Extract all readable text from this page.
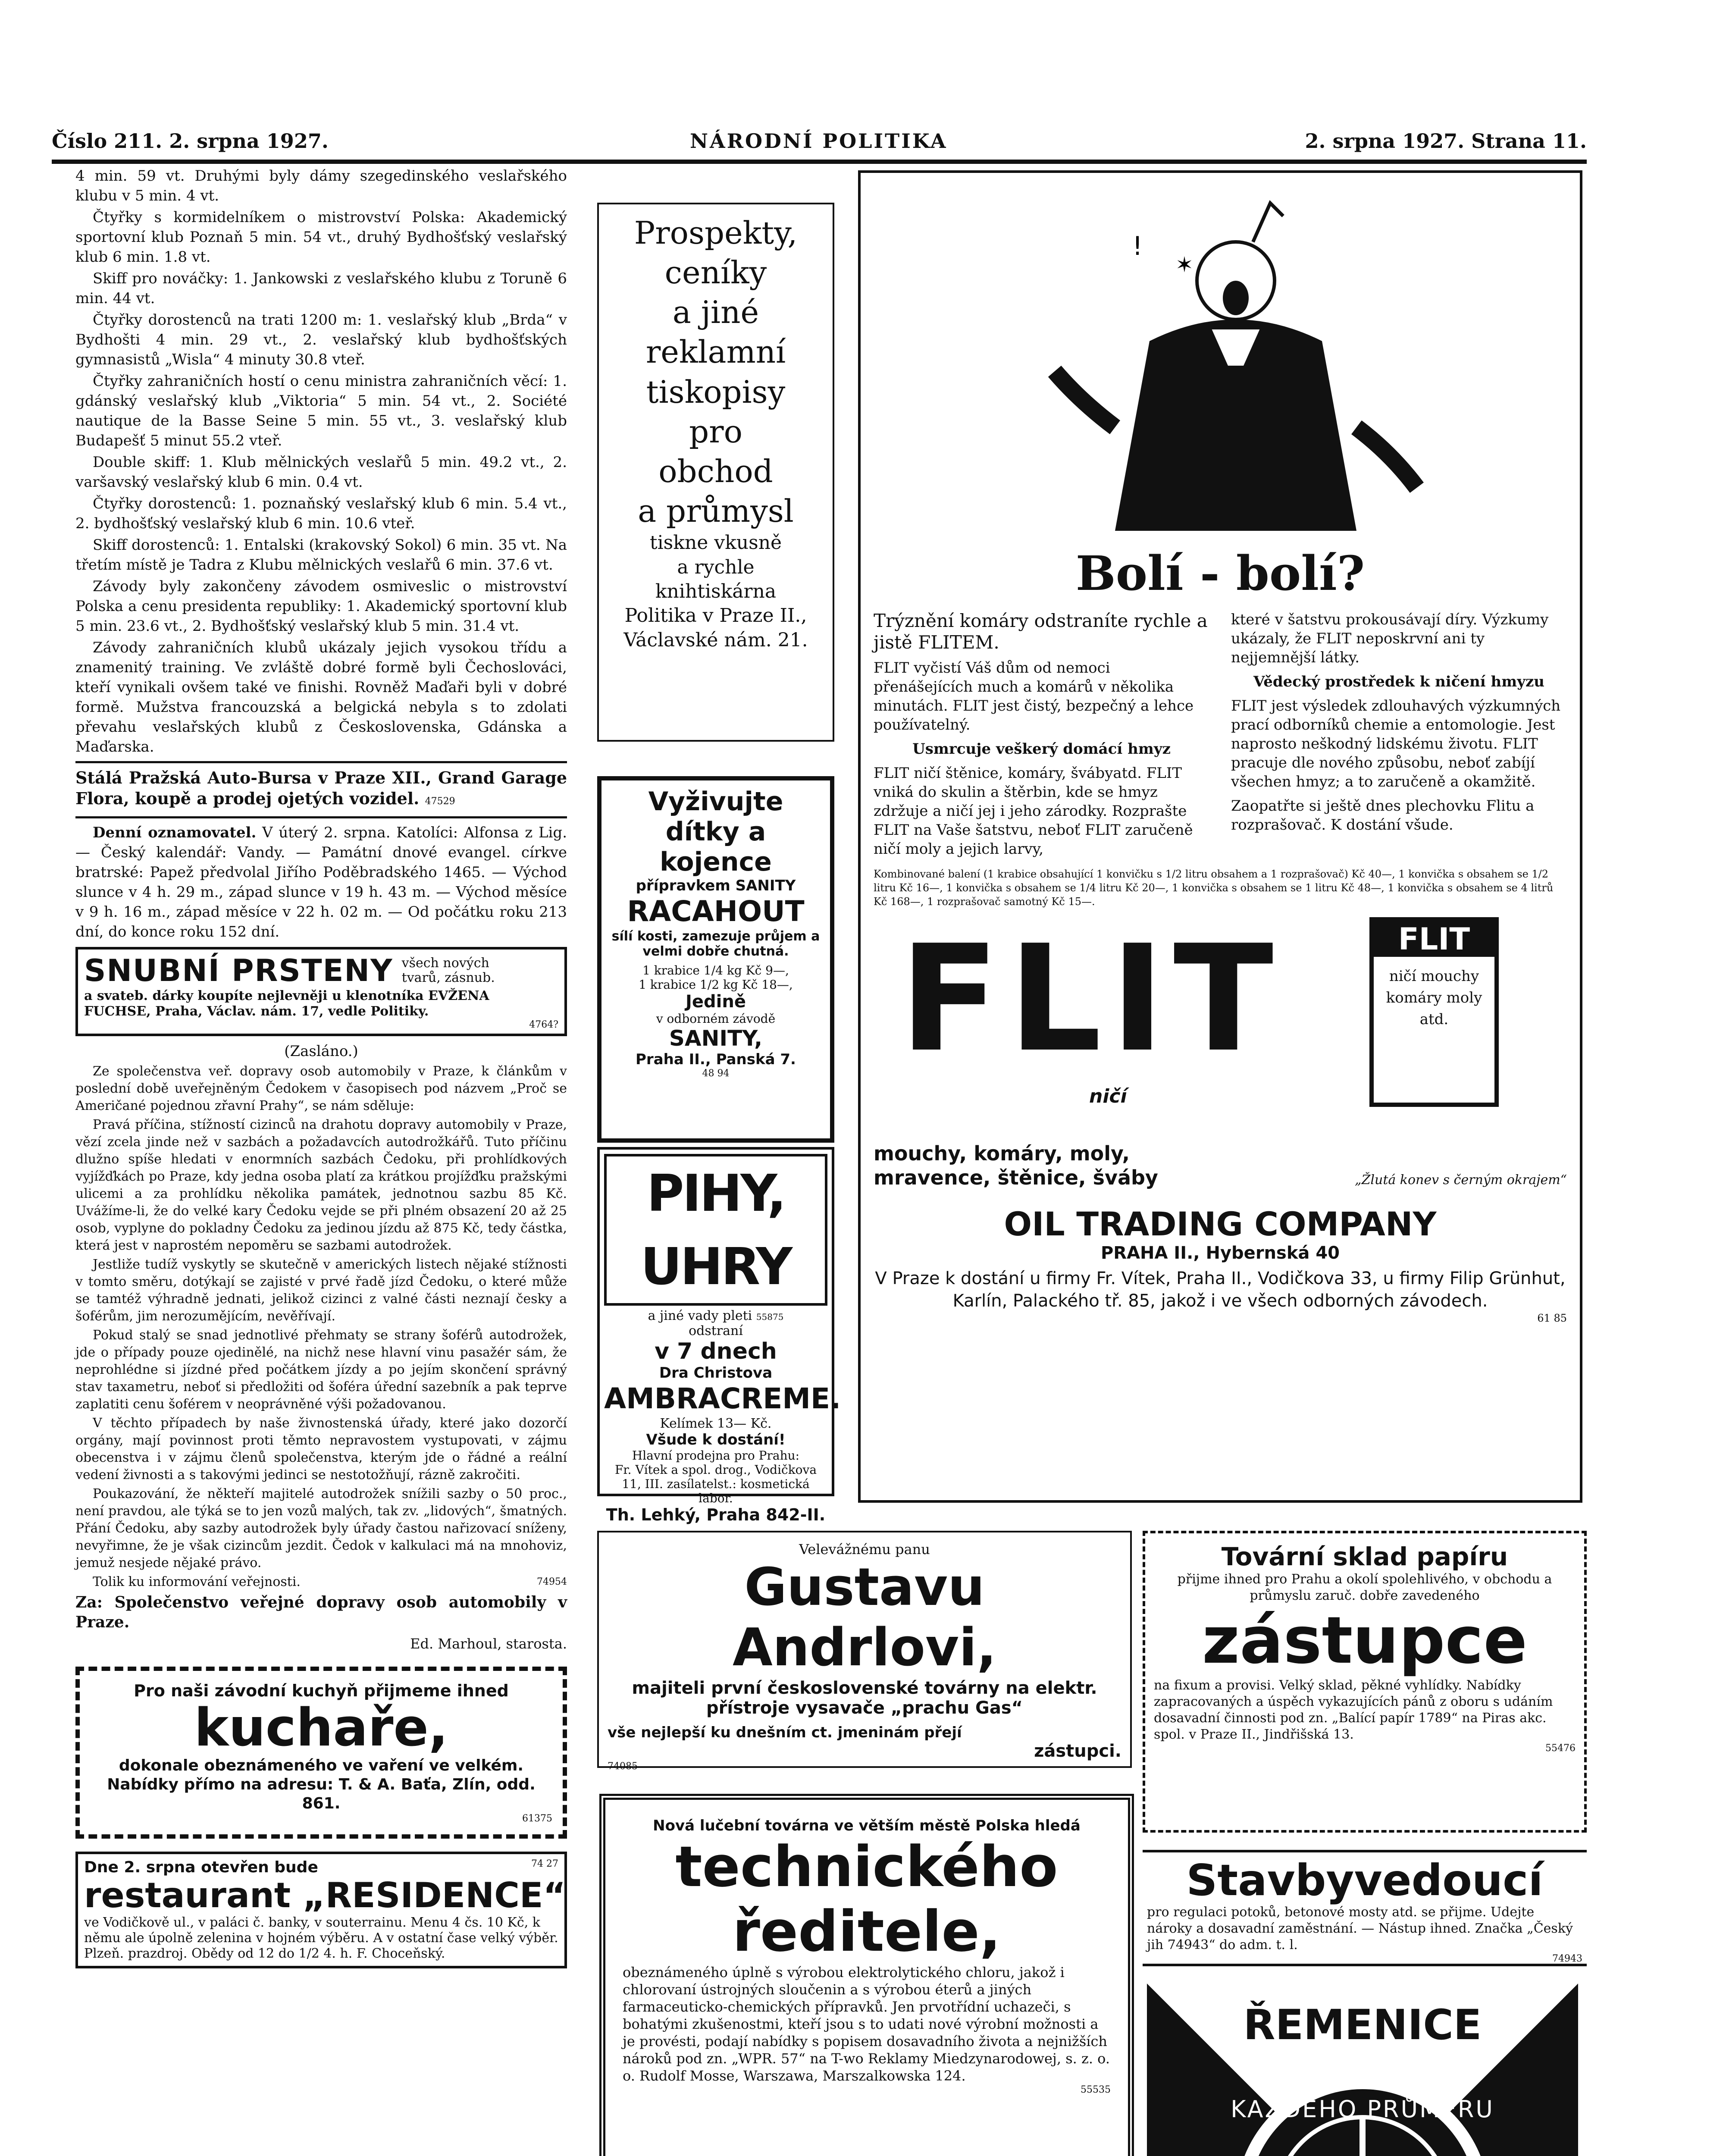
Číslo 211. 2. srpna 1927.	NÁRODNÍ POLITIKA	2. srpna 1927. Strana 11.

4 min. 59 vt. Druhými byly dámy szegedinského veslařského klubu v 5 min. 4 vt.

Čtyřky s kormidelníkem o mistrovství Polska: Akademický sportovní klub Poznaň 5 min. 54 vt., druhý Bydhošťský veslařský klub 6 min. 1.8 vt.

Skiff pro nováčky: 1. Jankowski z veslařského klubu z Toruně 6 min. 44 vt.

Čtyřky dorostenců na trati 1200 m: 1. veslařský klub „Brda“ v Bydhošti 4 min. 29 vt., 2. veslařský klub bydhošťských gymnasistů „Wisla“ 4 minuty 30.8 vteř.

Čtyřky zahraničních hostí o cenu ministra zahraničních věcí: 1. gdánský veslařský klub „Viktoria“ 5 min. 54 vt., 2. Société nautique de la Basse Seine 5 min. 55 vt., 3. veslařský klub Budapešť 5 minut 55.2 vteř.

Double skiff: 1. Klub mělnických veslařů 5 min. 49.2 vt., 2. varšavský veslařský klub 6 min. 0.4 vt.

Čtyřky dorostenců: 1. poznaňský veslařský klub 6 min. 5.4 vt., 2. bydhošťský veslařský klub 6 min. 10.6 vteř.

Skiff dorostenců: 1. Entalski (krakovský Sokol) 6 min. 35 vt. Na třetím místě je Tadra z Klubu mělnických veslařů 6 min. 37.6 vt.

Závody byly zakončeny závodem osmiveslic o mistrovství Polska a cenu presidenta republiky: 1. Akademický sportovní klub 5 min. 23.6 vt., 2. Bydhošťský veslařský klub 5 min. 31.4 vt.

Závody zahraničních klubů ukázaly jejich vysokou třídu a znamenitý training. Ve zvláště dobré formě byli Čechoslováci, kteří vynikali ovšem také ve finishi. Rovněž Maďaři byli v dobré formě. Mužstva francouzská a belgická nebyla s to zdolati převahu veslařských klubů z Československa, Gdánska a Maďarska.

Stálá Pražská Auto-Bursa v Praze XII., Grand Garage Flora, koupě a prodej ojetých vozidel. 47529

Denní oznamovatel. V úterý 2. srpna. Katolíci: Alfonsa z Lig. — Český kalendář: Vandy. — Památní dnové evangel. církve bratrské: Papež předvolal Jiřího Poděbradského 1465. — Východ slunce v 4 h. 29 m., západ slunce v 19 h. 43 m. — Východ měsíce v 9 h. 16 m., západ měsíce v 22 h. 02 m. — Od počátku roku 213 dní, do konce roku 152 dní.

SNUBNÍ PRSTENY všech nových tvarů, zásnub.
a svateb. dárky koupíte nejlevněji u klenotníka EVŽENA FUCHSE, Praha, Václav. nám. 17, vedle Politiky.
4764?

(Zasláno.)

Ze společenstva veř. dopravy osob automobily v Praze, k článkům v poslední době uveřejněným Čedokem v časopisech pod názvem „Proč se Američané pojednou zřavní Prahy“, se nám sděluje:

Pravá příčina, stížností cizinců na drahotu dopravy automobily v Praze, vězí zcela jinde než v sazbách a požadavcích autodrožkářů. Tuto příčinu dlužno spíše hledati v enormních sazbách Čedoku, při prohlídkových vyjížďkách po Praze, kdy jedna osoba platí za krátkou projížďku pražskými ulicemi a za prohlídku několika památek, jednotnou sazbu 85 Kč. Uvážíme-li, že do velké kary Čedoku vejde se při plném obsazení 20 až 25 osob, vyplyne do pokladny Čedoku za jedinou jízdu až 875 Kč, tedy částka, která jest v naprostém nepoměru se sazbami autodrožek.

Jestliže tudíž vyskytly se skutečně v amerických listech nějaké stížnosti v tomto směru, dotýkají se zajisté v prvé řadě jízd Čedoku, o které může se tamtéž výhradně jednati, jelikož cizinci z valné části neznají česky a šoférům, jim nerozumějícím, nevěřívají.

Pokud stalý se snad jednotlivé přehmaty se strany šoférů autodrožek, jde o případy pouze ojedinělé, na nichž nese hlavní vinu pasažér sám, že neprohlédne si jízdné před počátkem jízdy a po jejím skončení správný stav taxametru, neboť si předložiti od šoféra úřední sazebník a pak teprve zaplatiti cenu šoférem v neoprávněné výši požadovanou.

V těchto případech by naše živnostenská úřady, které jako dozorčí orgány, mají povinnost proti těmto nepravostem vystupovati, v zájmu obecenstva i v zájmu členů společenstva, kterým jde o řádné a reální vedení živnosti a s takovými jedinci se nestotožňují, rázně zakročiti.

Poukazování, že někteří majitelé autodrožek snížili sazby o 50 proc., není pravdou, ale týká se to jen vozů malých, tak zv. „lidových“, šmatných. Přání Čedoku, aby sazby autodrožek byly úřady častou nařizovací sníženy, nevyřimne, že je však cizincům jezdit. Čedok v kalkulaci má na mnohoviz, jemuž nesjede nějaké právo.

Tolik ku informování veřejnosti.	74954

Za: Společenstvo veřejné dopravy osob automobily v Praze.

Ed. Marhoul, starosta.

Pro naši závodní kuchyň přijmeme ihned
kuchaře,
dokonale obeznámeného ve vaření ve velkém. Nabídky přímo na adresu: T. & A. Baťa, Zlín, odd. 861.
61375
Dne 2. srpna otevřen bude	74 27
restaurant „RESIDENCE“
ve Vodičkově ul., v paláci č. banky, v souterrainu. Menu 4 čs. 10 Kč, k němu ale úpolně zelenina v hojném výběru. A v ostatní čase velký výběr. Plzeň. prazdroj. Obědy od 12 do 1/2 4. h. F. Choceňský.
Prospekty,
ceníky
a jiné
reklamní
tiskopisy
pro
obchod
a průmysl
tiskne vkusně
a rychle
knihtiskárna
Politika v Praze II.,
Václavské nám. 21.
Vyživujte dítky a kojence
přípravkem SANITY
RACAHOUT
sílí kosti, zamezuje průjem a velmi dobře chutná.
1 krabice 1/4 kg Kč 9—,
1 krabice 1/2 kg Kč 18—,
Jedině
v odborném závodě
SANITY,
Praha II., Panská 7.
48 94
PIHY, UHRY
a jiné vady pleti 55875
odstraní
v 7 dnech
Dra Christova
AMBRACREME.
Kelímek 13— Kč.
Všude k dostání!
Hlavní prodejna pro Prahu:
Fr. Vítek a spol. drog., Vodičkova 11, III. zasílatelst.: kosmetická labor.
Th. Lehký, Praha 842-II.
!
✶
Bolí - bolí?

Trýznění komáry odstraníte rychle a jistě FLITEM.

FLIT vyčistí Váš dům od nemoci přenášejících much a komárů v několika minutách. FLIT jest čistý, bezpečný a lehce používatelný.

Usmrcuje veškerý domácí hmyz

FLIT ničí štěnice, komáry, švábyatd. FLIT vniká do skulin a štěrbin, kde se hmyz zdržuje a ničí jej i jeho zárodky. Rozprašte FLIT na Vaše šatstvu, neboť FLIT zaručeně ničí moly a jejich larvy,

které v šatstvu prokousávají díry. Výzkumy ukázaly, že FLIT neposkrvní ani ty nejjemnější látky.

Vědecký prostředek k ničení hmyzu

FLIT jest výsledek zdlouhavých výzkumných prací odborníků chemie a entomologie. Jest naprosto neškodný lidskému životu. FLIT pracuje dle nového způsobu, neboť zabíjí všechen hmyz; a to zaručeně a okamžitě.

Zaopatřte si ještě dnes plechovku Flitu a rozprašovač. K dostání všude.

Kombinované balení (1 krabice obsahující 1 konvičku s 1/2 litru obsahem a 1 rozprašovač) Kč 40—, 1 konvička s obsahem se 1/2 litru Kč 16—, 1 konvička s obsahem se 1/4 litru Kč 20—, 1 konvička s obsahem se 1 litru Kč 48—, 1 konvička s obsahem se 4 litrů Kč 168—, 1 rozprašovač samotný Kč 15—.

FLIT	FLIT
ničí mouchy komáry moly atd.
ničí
mouchy, komáry, moly, mravence, štěnice, šváby	„Žlutá konev s černým okrajem“
OIL TRADING COMPANY
PRAHA II., Hybernská 40
V Praze k dostání u firmy Fr. Vítek, Praha II., Vodičkova 33, u firmy Filip Grünhut, Karlín, Palackého tř. 85, jakož i ve všech odborných závodech.
61 85
Velevážnému panu
Gustavu Andrlovi,
majiteli první československé továrny na elektr. přístroje vysavače „prachu Gas“
vše nejlepší ku dnešním ct. jmeninám přejí
zástupci.
74085
Nová lučební továrna ve větším městě Polska hledá
technického
ředitele,
obeznámeného úplně s výrobou elektrolytického chloru, jakož i chlorovaní ústrojných sloučenin a s výrobou éterů a jiných farmaceuticko-chemických přípravků. Jen prvotřídní uchazeči, s bohatými zkušenostmi, kteří jsou s to udati nové výrobní možnosti a je provésti, podají nabídky s popisem dosavadního života a nejnižších nároků pod zn. „WPR. 57“ na T-wo Reklamy Miedzynarodowej, s. z. o. o. Rudolf Mosse, Warszawa, Marszalkowska 124.
55535
Tovární sklad papíru
přijme ihned pro Prahu a okolí spolehlivého, v obchodu a průmyslu zaruč. dobře zavedeného
zástupce
na fixum a provisi. Velký sklad, pěkné vyhlídky. Nabídky zapracovaných a úspěch vykazujících pánů z oboru s udáním dosavadní činnosti pod zn. „Balící papír 1789“ na Piras akc. spol. v Praze II., Jindřišská 13.
55476
Stavbyvedoucí
pro regulaci potoků, betonové mosty atd. se přijme. Udejte nároky a dosavadní zaměstnání. — Nástup ihned. Značka „Český jih 74943“ do adm. t. l.
74943
ŘEMENICE
KAŽDÉHO PRŮMĚRU
